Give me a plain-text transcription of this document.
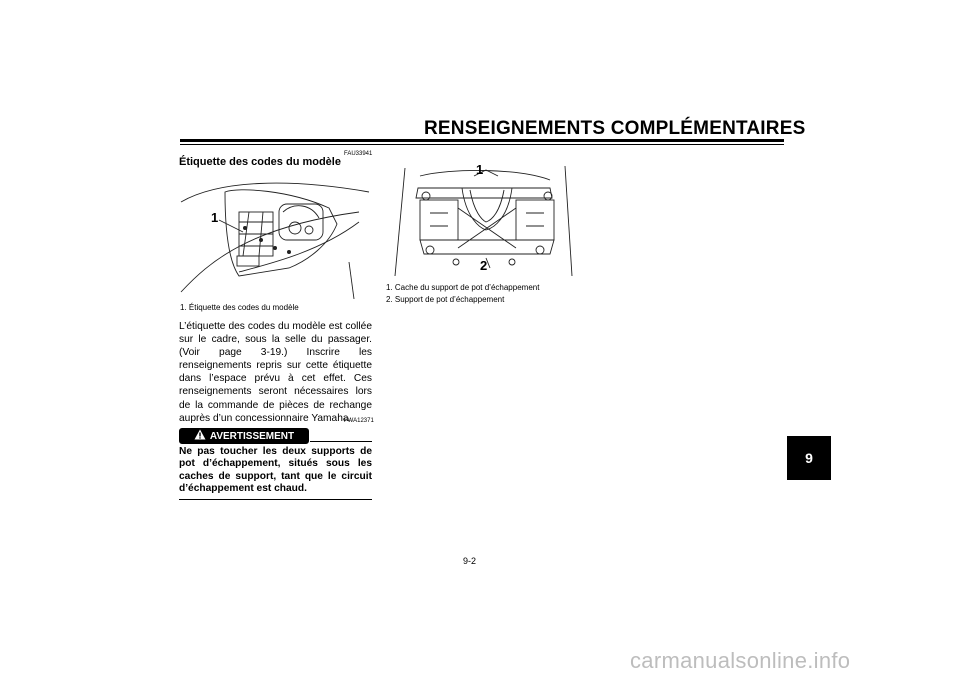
RENSEIGNEMENTS COMPLÉMENTAIRES
FAU33941
Étiquette des codes du modèle
1
1. Étiquette des codes du modèle
L’étiquette des codes du modèle est collée sur le cadre, sous la selle du passager. (Voir page 3-19.) Inscrire les renseignements repris sur cette étiquette dans l’espace prévu à cet effet. Ces renseignements seront nécessaires lors de la commande de pièces de rechange auprès d’un concessionnaire Yamaha.
FWA12371
AVERTISSEMENT
Ne pas toucher les deux supports de pot d’échappement, situés sous les caches de support, tant que le circuit d’échappement est chaud.
1
2
1. Cache du support de pot d’échappement
2. Support de pot d’échappement
9
9-2
carmanualsonline.info
